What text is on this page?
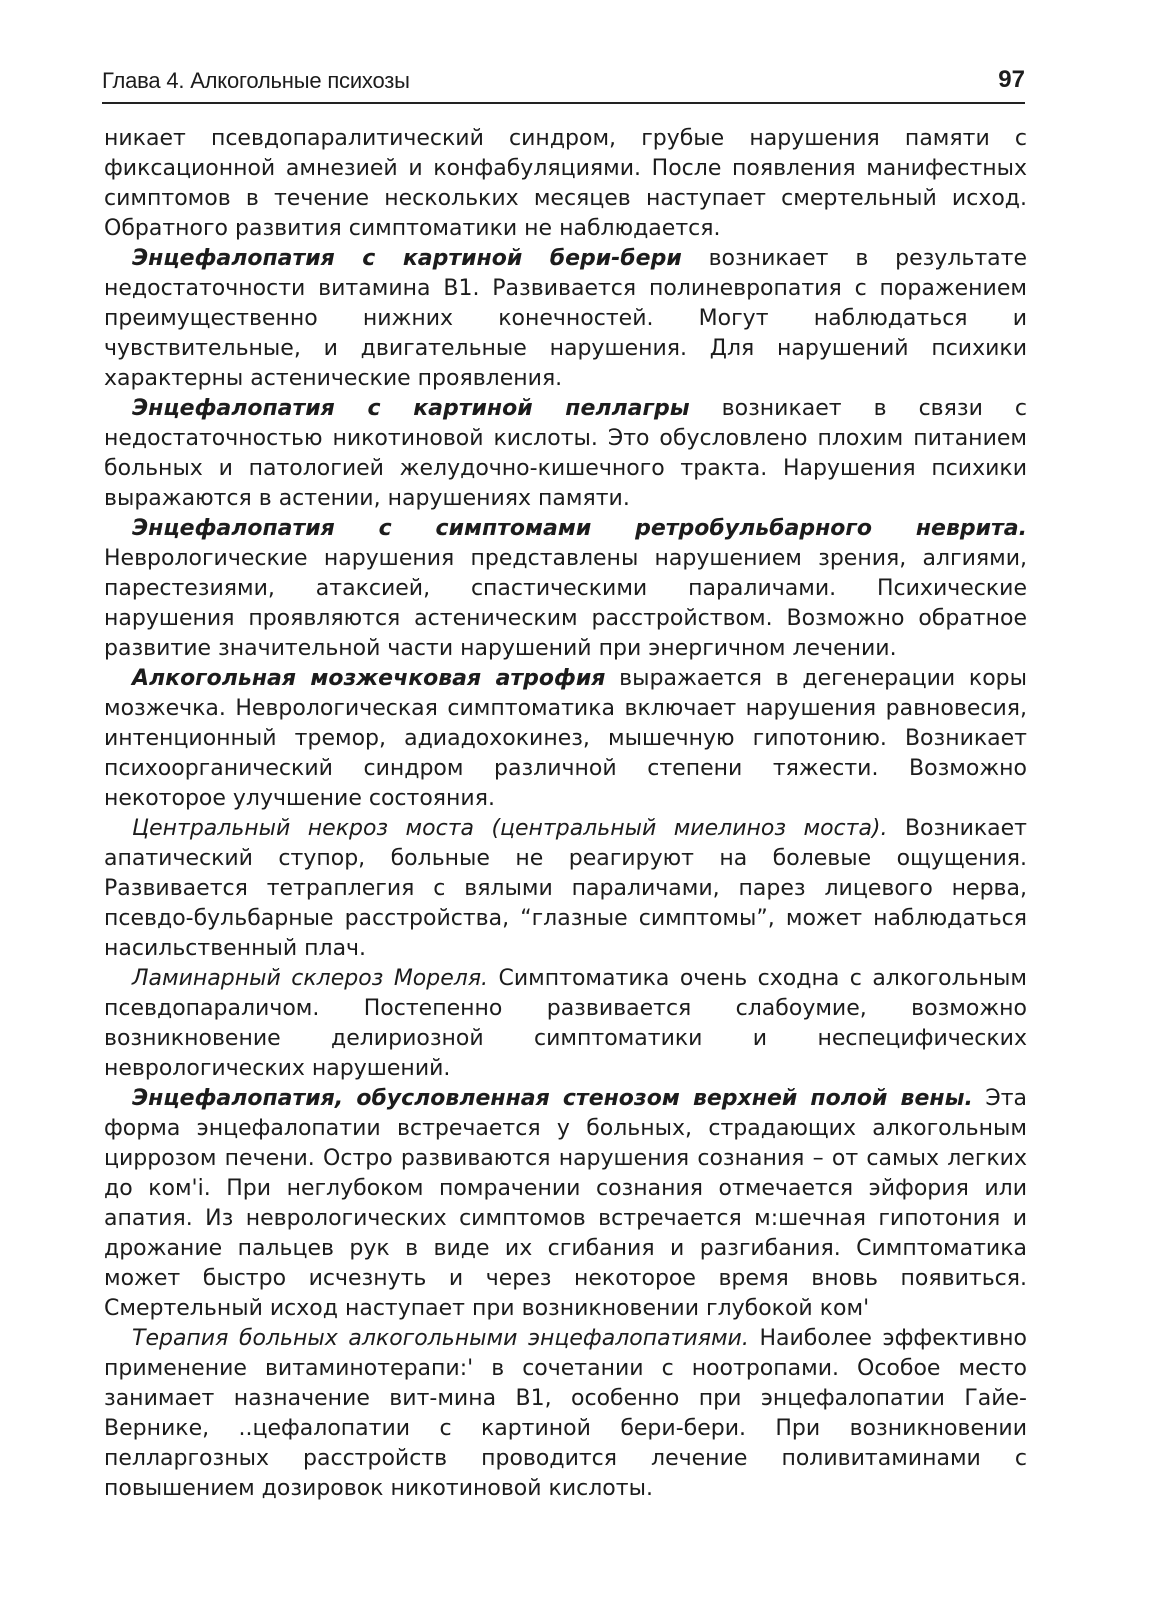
Глава 4. Алкогольные психозы	97

никает псевдопаралитический синдром, грубые нарушения памяти с фиксационной амнезией и конфабуляциями. После появления манифестных симптомов в течение нескольких месяцев наступает смертельный исход. Обратного развития симптоматики не наблюдается.

Энцефалопатия с картиной бери-бери возникает в результате недостаточности витамина B1. Развивается полиневропатия с поражением преимущественно нижних конечностей. Могут наблюдаться и чувствительные, и двигательные нарушения. Для нарушений психики характерны астенические проявления.

Энцефалопатия с картиной пеллагры возникает в связи с недостаточностью никотиновой кислоты. Это обусловлено плохим питанием больных и патологией желудочно-кишечного тракта. Нарушения психики выражаются в астении, нарушениях памяти.

Энцефалопатия с симптомами ретробульбарного неврита. Неврологические нарушения представлены нарушением зрения, алгиями, парестезиями, атаксией, спастическими параличами. Психические нарушения проявляются астеническим расстройством. Возможно обратное развитие значительной части нарушений при энергичном лечении.

Алкогольная мозжечковая атрофия выражается в дегенерации коры мозжечка. Неврологическая симптоматика включает нарушения равновесия, интенционный тремор, адиадохокинез, мышечную гипотонию. Возникает психоорганический синдром различной степени тяжести. Возможно некоторое улучшение состояния.

Центральный некроз моста (центральный миелиноз моста). Возникает апатический ступор, больные не реагируют на болевые ощущения. Развивается тетраплегия с вялыми параличами, парез лицевого нерва, псевдо-бульбарные расстройства, “глазные симптомы”, может наблюдаться насильственный плач.

Ламинарный склероз Мореля. Симптоматика очень сходна с алкогольным псевдопараличом. Постепенно развивается слабоумие, возможно возникновение делириозной симптоматики и неспецифических неврологических нарушений.

Энцефалопатия, обусловленная стенозом верхней полой вены. Эта форма энцефалопатии встречается у больных, страдающих алкогольным циррозом печени. Остро развиваются нарушения сознания – от самых легких до ком'і. При неглубоком помрачении сознания отмечается эйфория или апатия. Из неврологических симптомов встречается м:шечная гипотония и дрожание пальцев рук в виде их сгибания и разгибания. Симптоматика может быстро исчезнуть и через некоторое время вновь появиться. Смертельный исход наступает при возникновении глубокой ком'

Терапия больных алкогольными энцефалопатиями. Наиболее эффективно применение витаминотерапи:' в сочетании с ноотропами. Особое место занимает назначение вит-мина B1, особенно при энцефалопатии Гайе-Вернике, ..цефалопатии с картиной бери-бери. При возникновении пелларгозных расстройств проводится лечение поливитаминами с повышением дозировок никотиновой кислоты.
